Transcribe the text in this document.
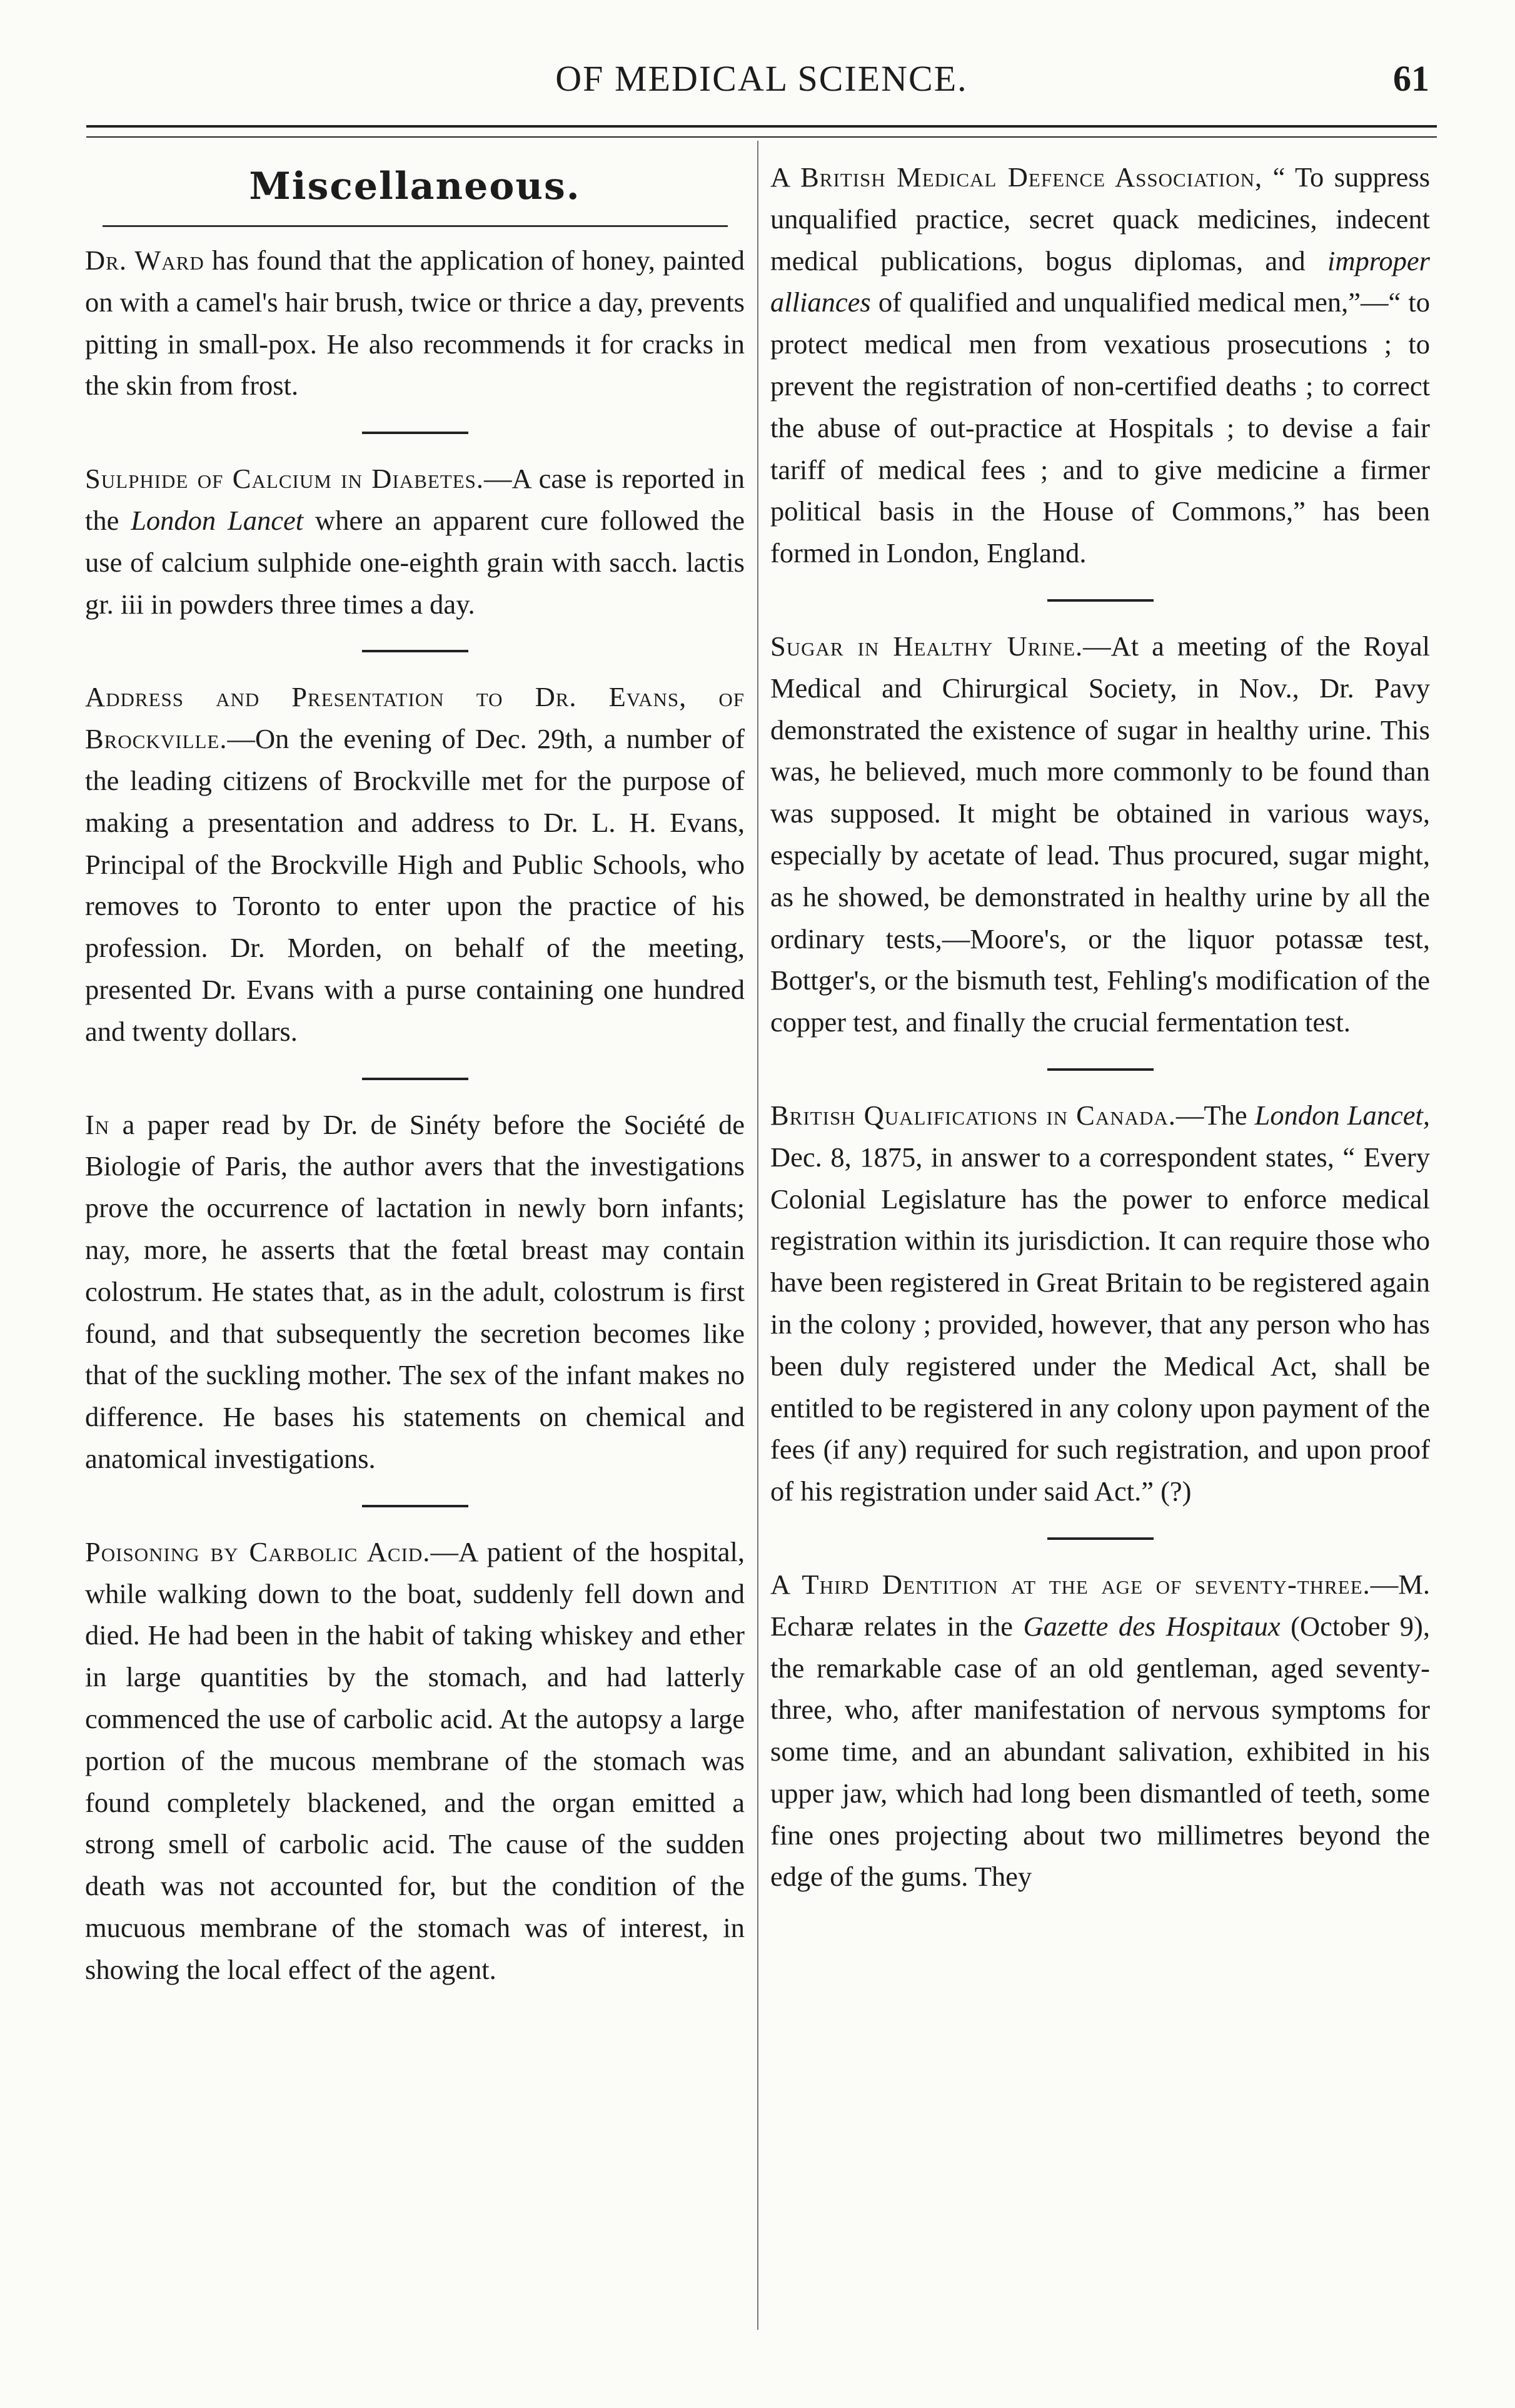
OF MEDICAL SCIENCE.	61
Miscellaneous.

Dr. Ward has found that the application of honey, painted on with a camel's hair brush, twice or thrice a day, prevents pitting in small-pox. He also recommends it for cracks in the skin from frost.

Sulphide of Calcium in Diabetes.—A case is reported in the London Lancet where an apparent cure followed the use of calcium sulphide one-eighth grain with sacch. lactis gr. iii in powders three times a day.

Address and Presentation to Dr. Evans, of Brockville.—On the evening of Dec. 29th, a number of the leading citizens of Brockville met for the purpose of making a presentation and address to Dr. L. H. Evans, Principal of the Brockville High and Public Schools, who removes to Toronto to enter upon the practice of his profession. Dr. Morden, on behalf of the meeting, presented Dr. Evans with a purse containing one hundred and twenty dollars.

In a paper read by Dr. de Sinéty before the Société de Biologie of Paris, the author avers that the investigations prove the occurrence of lactation in newly born infants; nay, more, he asserts that the fœtal breast may contain colostrum. He states that, as in the adult, colostrum is first found, and that subsequently the secretion becomes like that of the suckling mother. The sex of the infant makes no difference. He bases his statements on chemical and anatomical investigations.

Poisoning by Carbolic Acid.—A patient of the hospital, while walking down to the boat, suddenly fell down and died. He had been in the habit of taking whiskey and ether in large quantities by the stomach, and had latterly commenced the use of carbolic acid. At the autopsy a large portion of the mucous membrane of the stomach was found completely blackened, and the organ emitted a strong smell of carbolic acid. The cause of the sudden death was not accounted for, but the condition of the mucuous membrane of the stomach was of interest, in showing the local effect of the agent.

A British Medical Defence Association, “ To suppress unqualified practice, secret quack medicines, indecent medical publications, bogus diplomas, and improper alliances of qualified and unqualified medical men,”—“ to protect medical men from vexatious prosecutions ; to prevent the registration of non-certified deaths ; to correct the abuse of out-practice at Hospitals ; to devise a fair tariff of medical fees ; and to give medicine a firmer political basis in the House of Commons,” has been formed in London, England.

Sugar in Healthy Urine.—At a meeting of the Royal Medical and Chirurgical Society, in Nov., Dr. Pavy demonstrated the existence of sugar in healthy urine. This was, he believed, much more commonly to be found than was supposed. It might be obtained in various ways, especially by acetate of lead. Thus procured, sugar might, as he showed, be demonstrated in healthy urine by all the ordinary tests,—Moore's, or the liquor potassæ test, Bottger's, or the bismuth test, Fehling's modification of the copper test, and finally the crucial fermentation test.

British Qualifications in Canada.—The London Lancet, Dec. 8, 1875, in answer to a correspondent states, “ Every Colonial Legislature has the power to enforce medical registration within its jurisdiction. It can require those who have been registered in Great Britain to be registered again in the colony ; provided, however, that any person who has been duly registered under the Medical Act, shall be entitled to be registered in any colony upon payment of the fees (if any) required for such registration, and upon proof of his registration under said Act.” (?)

A Third Dentition at the age of seventy-three.—M. Echaræ relates in the Gazette des Hospitaux (October 9), the remarkable case of an old gentleman, aged seventy-three, who, after manifestation of nervous symptoms for some time, and an abundant salivation, exhibited in his upper jaw, which had long been dismantled of teeth, some fine ones projecting about two millimetres beyond the edge of the gums. They
